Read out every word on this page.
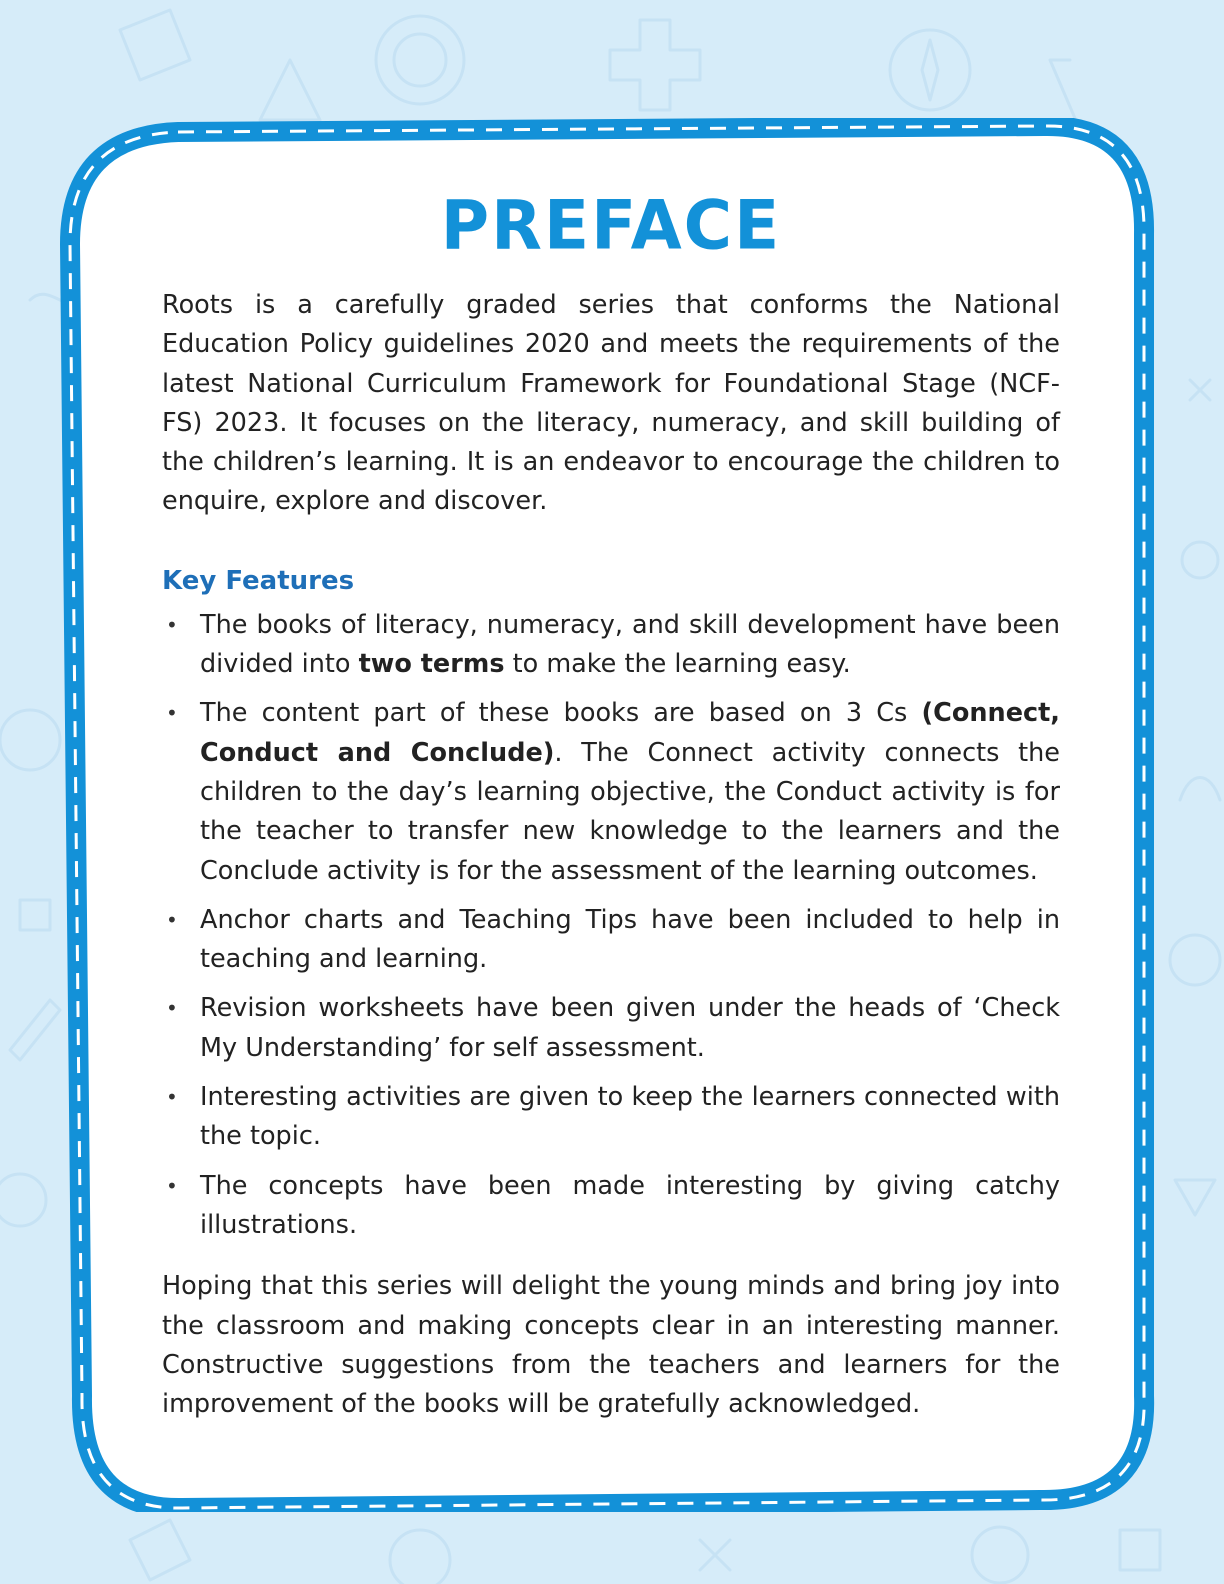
PREFACE

Roots is a carefully graded series that conforms the National Education Policy guidelines 2020 and meets the requirements of the latest National Curriculum Framework for Foundational Stage (NCF-FS) 2023. It focuses on the literacy, numeracy, and skill building of the children’s learning. It is an endeavor to encourage the children to enquire, explore and discover.

Key Features
• The books of literacy, numeracy, and skill development have been divided into two terms to make the learning easy.
• The content part of these books are based on 3 Cs (Connect, Conduct and Conclude). The Connect activity connects the children to the day’s learning objective, the Conduct activity is for the teacher to transfer new knowledge to the learners and the Conclude activity is for the assessment of the learning outcomes.
• Anchor charts and Teaching Tips have been included to help in teaching and learning.
• Revision worksheets have been given under the heads of ‘Check My Understanding’ for self assessment.
• Interesting activities are given to keep the learners connected with the topic.
• The concepts have been made interesting by giving catchy illustrations.

Hoping that this series will delight the young minds and bring joy into the classroom and making concepts clear in an interesting manner. Constructive suggestions from the teachers and learners for the improvement of the books will be gratefully acknowledged.
